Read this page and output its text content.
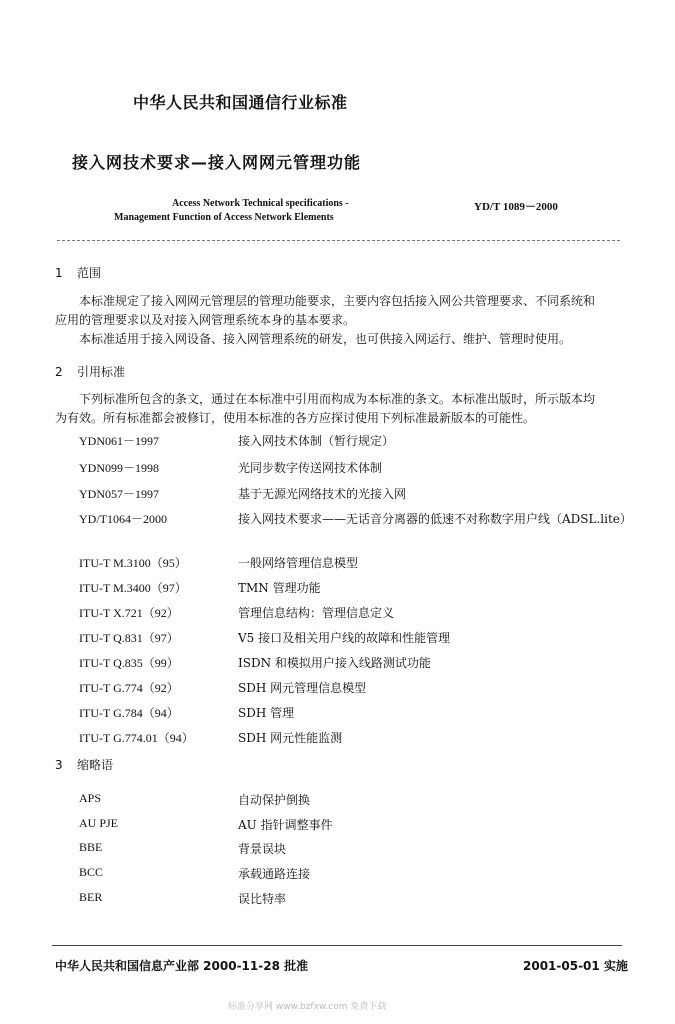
中华人民共和国通信行业标准
接入网技术要求—接入网网元管理功能
Access Network Technical specifications -
Management Function of Access Network Elements
YD/T 1089－2000
1 范围

本标准规定了接入网网元管理层的管理功能要求，主要内容包括接入网公共管理要求、不同系统和应用的管理要求以及对接入网管理系统本身的基本要求。

本标准适用于接入网设备、接入网管理系统的研发，也可供接入网运行、维护、管理时使用。

2 引用标准

下列标准所包含的条文，通过在本标准中引用而构成为本标准的条文。本标准出版时，所示版本均为有效。所有标准都会被修订，使用本标准的各方应探讨使用下列标准最新版本的可能性。

YDN061－1997	接入网技术体制（暂行规定）
YDN099－1998	光同步数字传送网技术体制
YDN057－1997	基于无源光网络技术的光接入网
YD/T1064－2000	接入网技术要求——无话音分离器的低速不对称数字用户线（ADSL.lite）
ITU-T M.3100（95）	一般网络管理信息模型
ITU-T M.3400（97）	TMN 管理功能
ITU-T X.721（92）	管理信息结构：管理信息定义
ITU-T Q.831（97）	V5 接口及相关用户线的故障和性能管理
ITU-T Q.835（99）	ISDN 和模拟用户接入线路测试功能
ITU-T G.774（92）	SDH 网元管理信息模型
ITU-T G.784（94）	SDH 管理
ITU-T G.774.01（94）	SDH 网元性能监测
3 缩略语
APS	自动保护倒换
AU PJE	AU 指针调整事件
BBE	背景误块
BCC	承载通路连接
BER	误比特率
中华人民共和国信息产业部 2000-11-28 批准	2001-05-01 实施
标准分享网 www.bzfxw.com 免费下载
